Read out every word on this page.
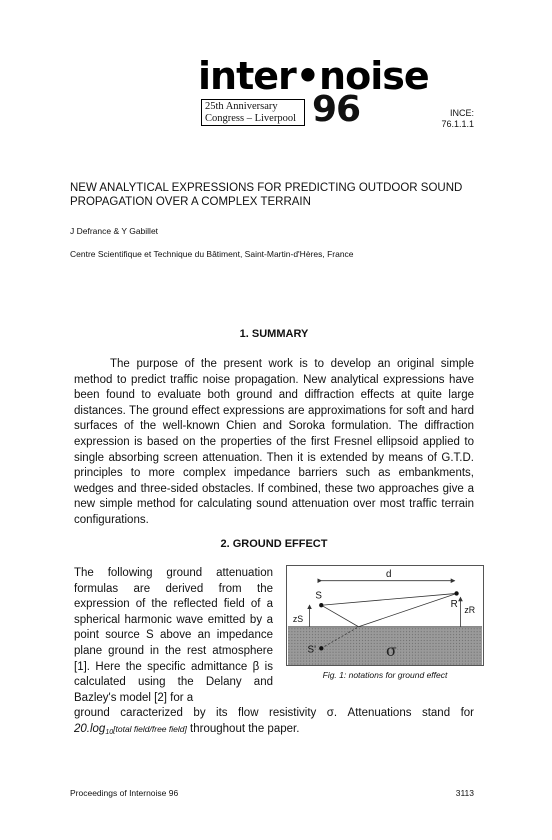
inter•noise
25th Anniversary
Congress – Liverpool 96	INCE:
76.1.1.1
NEW ANALYTICAL EXPRESSIONS FOR PREDICTING OUTDOOR SOUND
PROPAGATION OVER A COMPLEX TERRAIN
J Defrance & Y Gabillet
Centre Scientifique et Technique du Bâtiment, Saint-Martin-d'Hères, France
1. SUMMARY
The purpose of the present work is to develop an original simple method to predict traffic noise propagation. New analytical expressions have been found to evaluate both ground and diffraction effects at quite large distances. The ground effect expressions are approximations for soft and hard surfaces of the well-known Chien and Soroka formulation. The diffraction expression is based on the properties of the first Fresnel ellipsoid applied to single absorbing screen attenuation. Then it is extended by means of G.T.D. principles to more complex impedance barriers such as embankments, wedges and three-sided obstacles. If combined, these two approaches give a new simple method for calculating sound attenuation over most traffic terrain configurations.
2. GROUND EFFECT
The following ground attenuation formulas are derived from the expression of the reflected field of a spherical harmonic wave emitted by a point source S above an impedance plane ground in the rest atmosphere [1]. Here the specific admittance β is calculated using the Delany and Bazley's model [2] for a
ground caracterized by its flow resistivity σ. Attenuations stand for
$20.\log_{10}[total$ field/free field] throughout the paper.
d
S
R
zS
zR
S'	σ
Fig. 1: notations for ground effect
Proceedings of Internoise 96	3113
